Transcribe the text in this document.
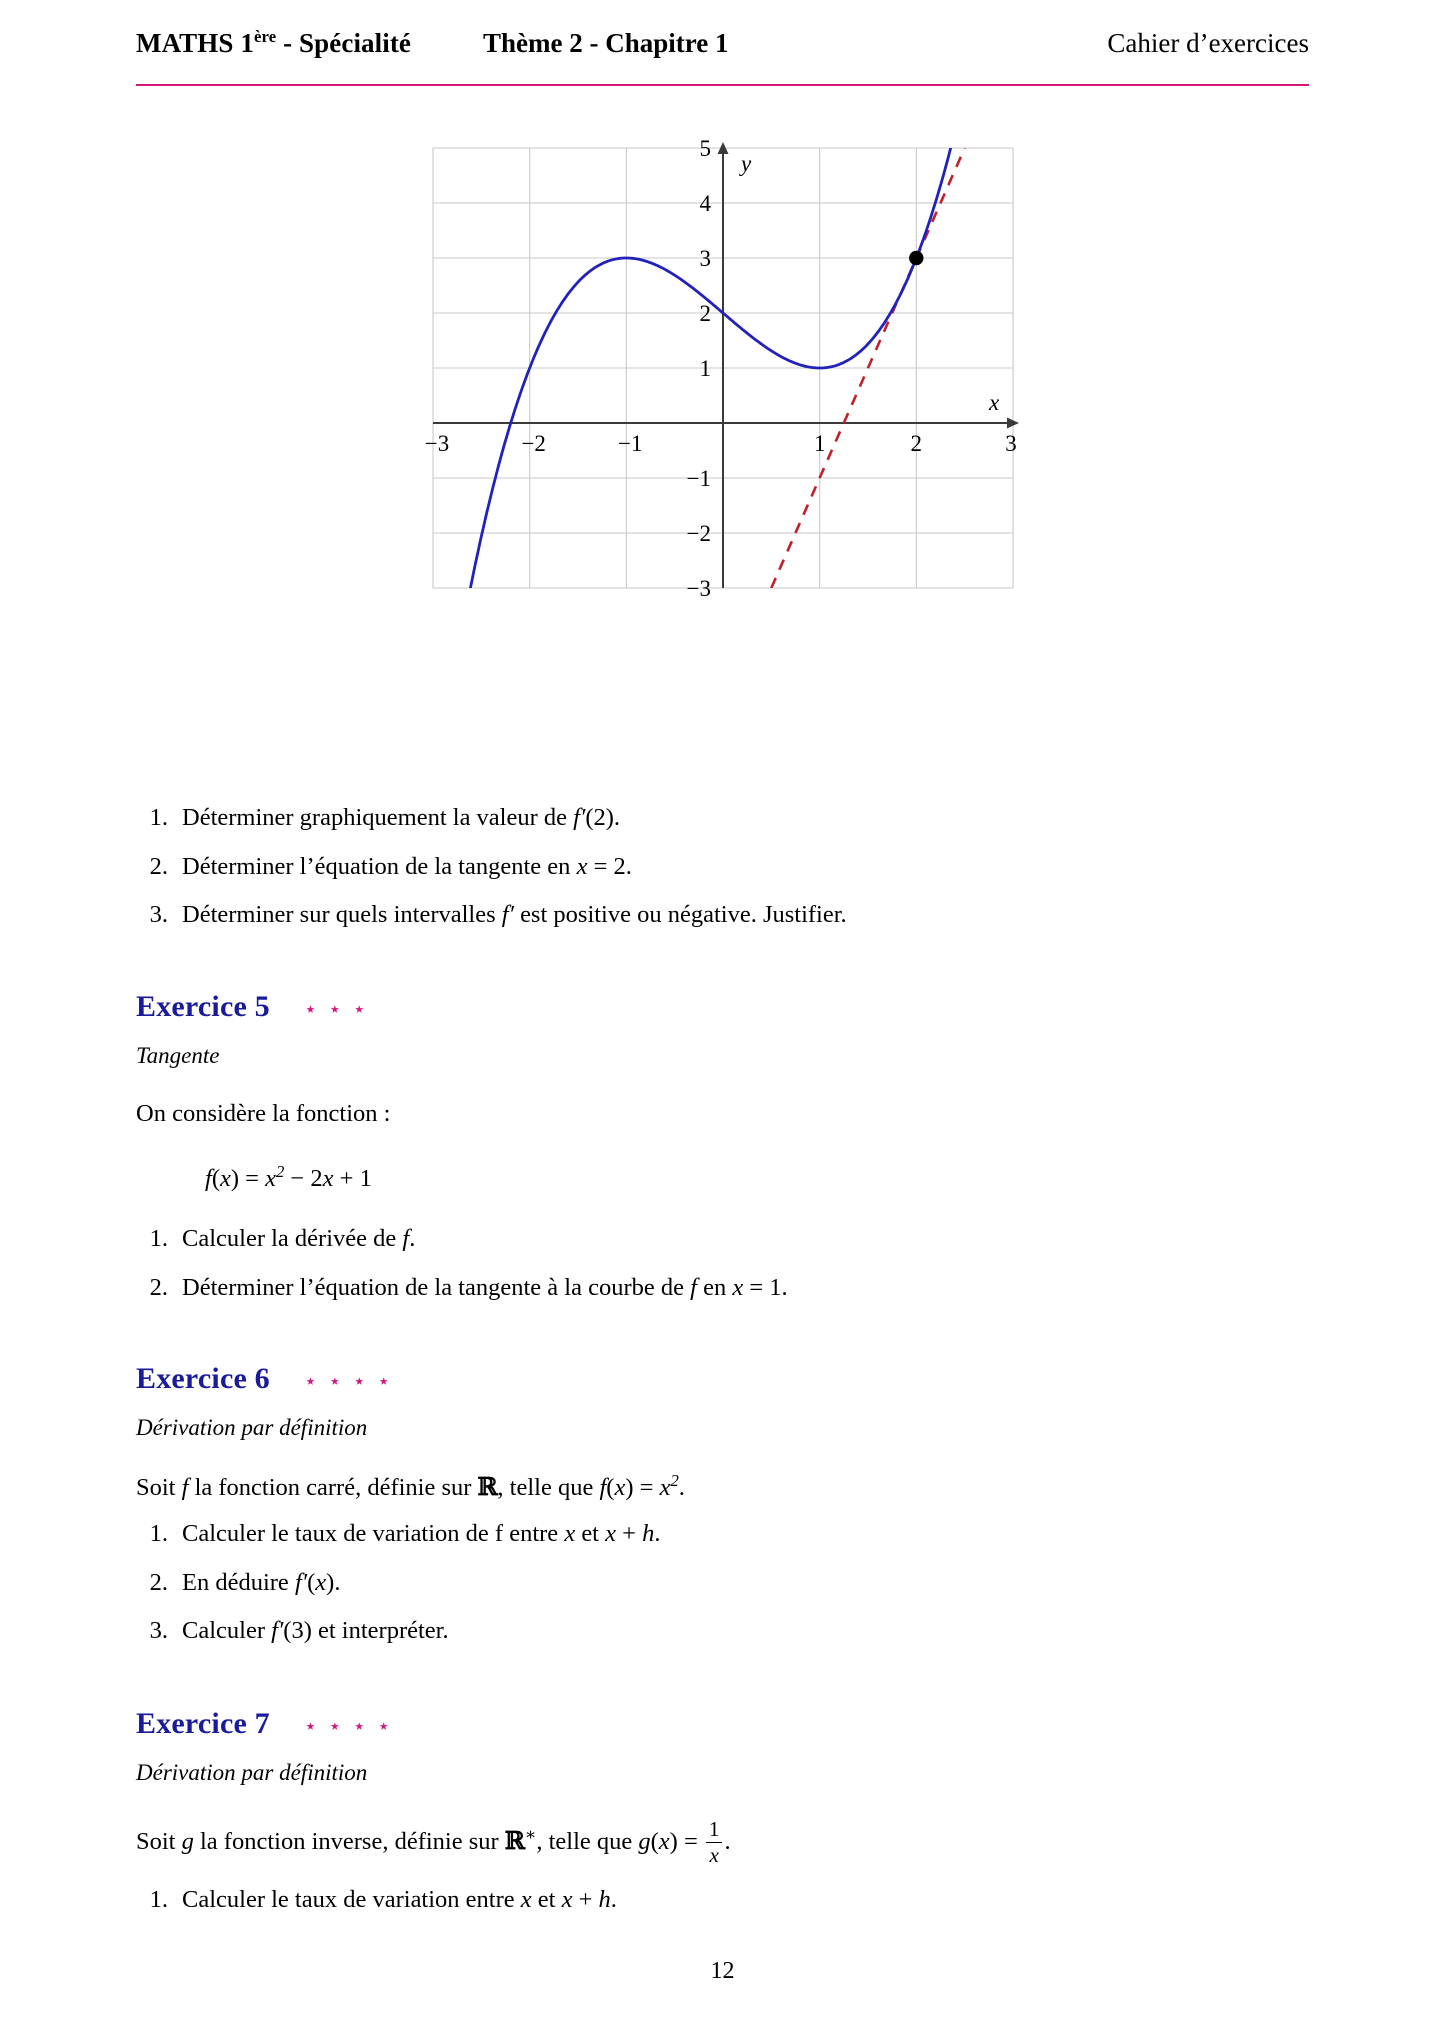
MATHS 1ère - Spécialité	Thème 2 - Chapitre 1	Cahier d’exercices
y
x
−3	−2	−1	1	2	3
5
4
3
2
1
−1
−2
−3
1. Déterminer graphiquement la valeur de f′(2).
2. Déterminer l’équation de la tangente en x = 2.
3. Déterminer sur quels intervalles f′ est positive ou négative. Justifier.
Exercice 5 ⋆ ⋆ ⋆
Tangente
On considère la fonction :
$f(x) = x^2 - 2x + 1$
1. Calculer la dérivée de f.
2. Déterminer l’équation de la tangente à la courbe de f en x = 1.
Exercice 6 ⋆ ⋆ ⋆ ⋆
Dérivation par définition
Soit f la fonction carré, définie sur ℝ, telle que $f(x) = x^2$.
1. Calculer le taux de variation de f entre x et x + h.
2. En déduire f′(x).
3. Calculer f′(3) et interpréter.
Exercice 7 ⋆ ⋆ ⋆ ⋆
Dérivation par définition
Soit g la fonction inverse, définie sur ℝ∗, telle que $g(x) = \frac{1}{x}$ .
1. Calculer le taux de variation entre x et x + h.
12
